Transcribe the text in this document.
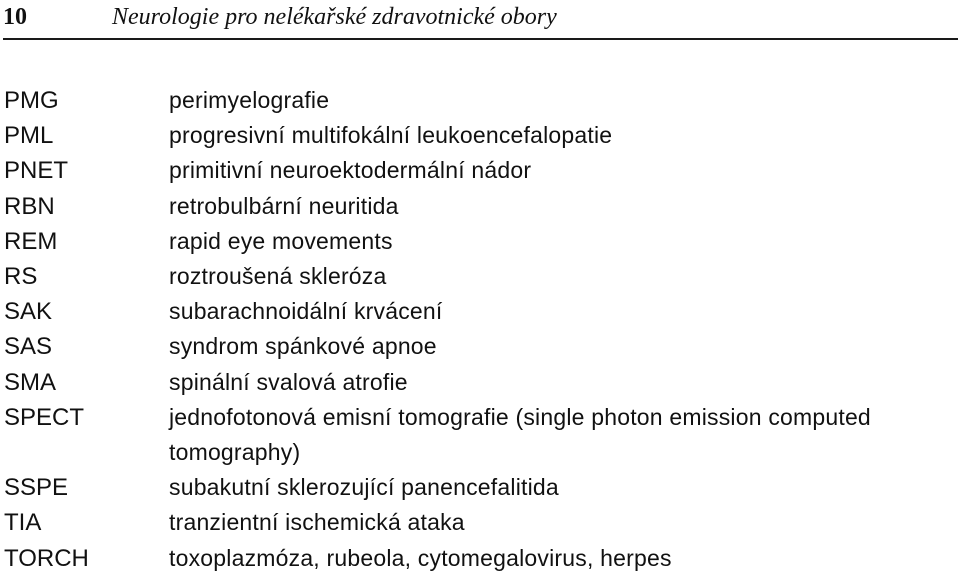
10	Neurologie pro nelékařské zdravotnické obory
PMG	perimyelografie
PML	progresivní multifokální leukoencefalopatie
PNET	primitivní neuroektodermální nádor
RBN	retrobulbární neuritida
REM	rapid eye movements
RS	roztroušená skleróza
SAK	subarachnoidální krvácení
SAS	syndrom spánkové apnoe
SMA	spinální svalová atrofie
SPECT	jednofotonová emisní tomografie (single photon emission computed tomography)
SSPE	subakutní sklerozující panencefalitida
TIA	tranzientní ischemická ataka
TORCH	toxoplazmóza, rubeola, cytomegalovirus, herpes
